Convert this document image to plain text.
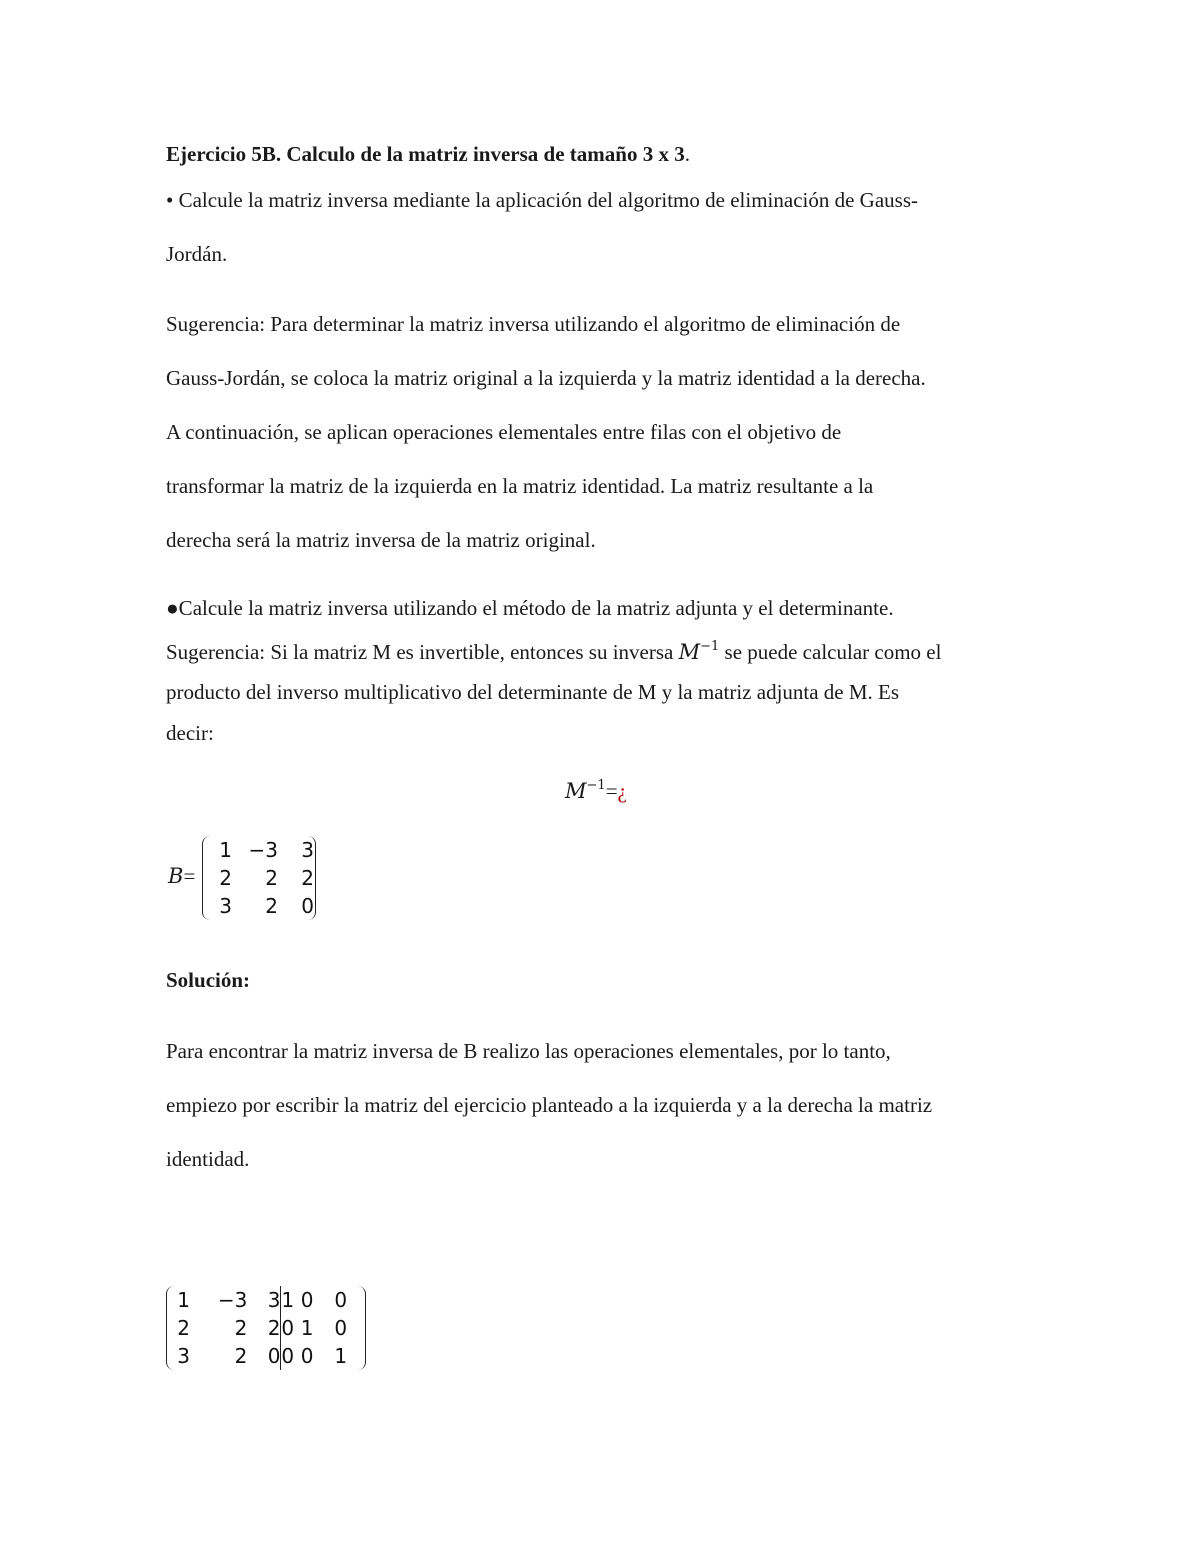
Ejercicio 5B. Calculo de la matriz inversa de tamaño 3 x 3.
• Calcule la matriz inversa mediante la aplicación del algoritmo de eliminación de Gauss-
Jordán.
Sugerencia: Para determinar la matriz inversa utilizando el algoritmo de eliminación de
Gauss-Jordán, se coloca la matriz original a la izquierda y la matriz identidad a la derecha.
A continuación, se aplican operaciones elementales entre filas con el objetivo de
transformar la matriz de la izquierda en la matriz identidad. La matriz resultante a la
derecha será la matriz inversa de la matriz original.
●Calcule la matriz inversa utilizando el método de la matriz adjunta y el determinante.
Sugerencia: Si la matriz M es invertible, entonces su inversa $M^{-1}$ se puede calcular como el
producto del inverso multiplicativo del determinante de M y la matriz adjunta de M. Es
decir:
$M^{-1}=¿$
B=
1	−3	3
2	2	2
3	2	0
Solución:
Para encontrar la matriz inversa de B realizo las operaciones elementales, por lo tanto,
empiezo por escribir la matriz del ejercicio planteado a la izquierda y a la derecha la matriz
identidad.
1	−3	3	1	0	0
2	2	2	0	1	0
3	2	0	0	0	1
